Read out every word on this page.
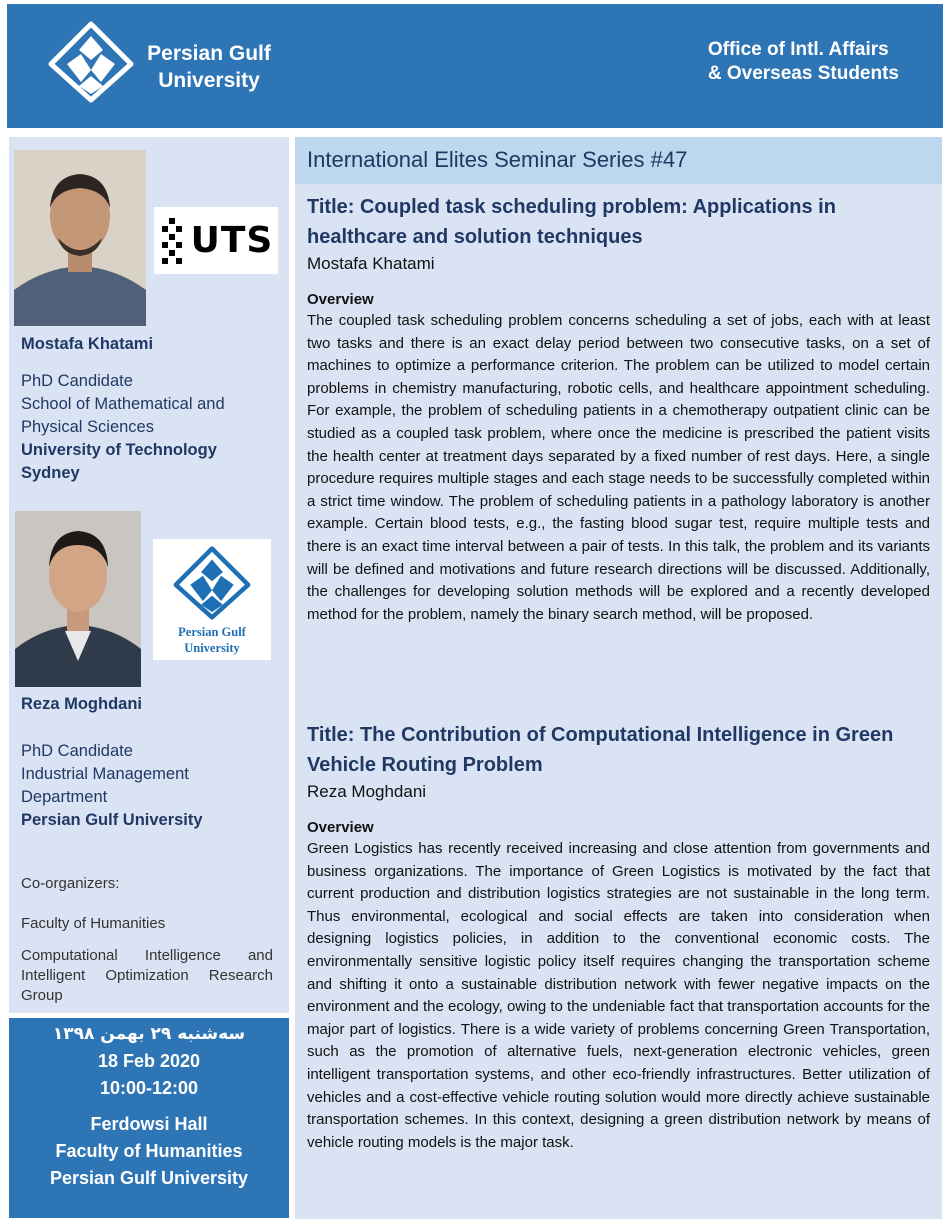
Persian Gulf
University
Office of Intl. Affairs
& Overseas Students
UTS
Mostafa Khatami
PhD Candidate
School of Mathematical and
Physical Sciences
University of Technology
Sydney
Persian Gulf
University
Reza Moghdani
PhD Candidate
Industrial Management
Department
Persian Gulf University
Co-organizers:
Faculty of Humanities
Computational Intelligence and Intelligent Optimization Research Group
سه‌شنبه ۲۹ بهمن ۱۳۹۸
18 Feb 2020
10:00-12:00
Ferdowsi Hall
Faculty of Humanities
Persian Gulf University
International Elites Seminar Series #47
Title: Coupled task scheduling problem: Applications in healthcare and solution techniques
Mostafa Khatami
Overview
The coupled task scheduling problem concerns scheduling a set of jobs, each with at least two tasks and there is an exact delay period between two consecutive tasks, on a set of machines to optimize a performance criterion. The problem can be utilized to model certain problems in chemistry manufacturing, robotic cells, and healthcare appointment scheduling. For example, the problem of scheduling patients in a chemotherapy outpatient clinic can be studied as a coupled task problem, where once the medicine is prescribed the patient visits the health center at treatment days separated by a fixed number of rest days. Here, a single procedure requires multiple stages and each stage needs to be successfully completed within a strict time window. The problem of scheduling patients in a pathology laboratory is another example. Certain blood tests, e.g., the fasting blood sugar test, require multiple tests and there is an exact time interval between a pair of tests. In this talk, the problem and its variants will be defined and motivations and future research directions will be discussed. Additionally, the challenges for developing solution methods will be explored and a recently developed method for the problem, namely the binary search method, will be proposed.
Title: The Contribution of Computational Intelligence in Green Vehicle Routing Problem
Reza Moghdani
Overview
Green Logistics has recently received increasing and close attention from governments and business organizations. The importance of Green Logistics is motivated by the fact that current production and distribution logistics strategies are not sustainable in the long term. Thus environmental, ecological and social effects are taken into consideration when designing logistics policies, in addition to the conventional economic costs. The environmentally sensitive logistic policy itself requires changing the transportation scheme and shifting it onto a sustainable distribution network with fewer negative impacts on the environment and the ecology, owing to the undeniable fact that transportation accounts for the major part of logistics. There is a wide variety of problems concerning Green Transportation, such as the promotion of alternative fuels, next-generation electronic vehicles, green intelligent transportation systems, and other eco-friendly infrastructures. Better utilization of vehicles and a cost-effective vehicle routing solution would more directly achieve sustainable transportation schemes. In this context, designing a green distribution network by means of vehicle routing models is the major task.
